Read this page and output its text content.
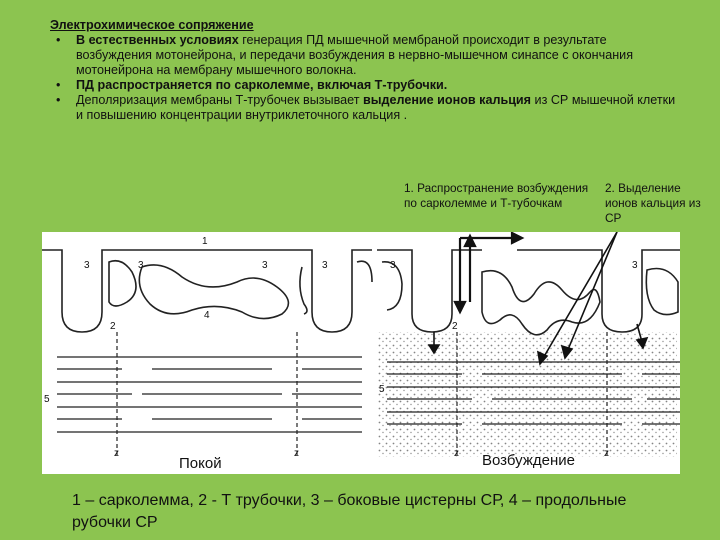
Электрохимическое сопряжение
• В естественных условиях генерация ПД мышечной мембраной происходит в результате возбуждения мотонейрона, и передачи возбуждения в нервно-мышечном синапсе с окончания мотонейрона на мембрану мышечного волокна.
• ПД распространяется по сарколемме, включая Т-трубочки.
• Деполяризация мембраны Т-трубочек вызывает выделение ионов кальция из СР мышечной клетки и повышению концентрации внутриклеточного кальция .
1. Распространение возбуждения по сарколемме и Т-тубочкам
2. Выделение ионов кальция из СР
1
3	3	3	3
4
2
5
z	z
Покой
3	3
2
5
z	z
Возбуждение
1 – сарколемма, 2 - Т трубочки, 3 – боковые цистерны СР, 4 – продольные рубочки СР
